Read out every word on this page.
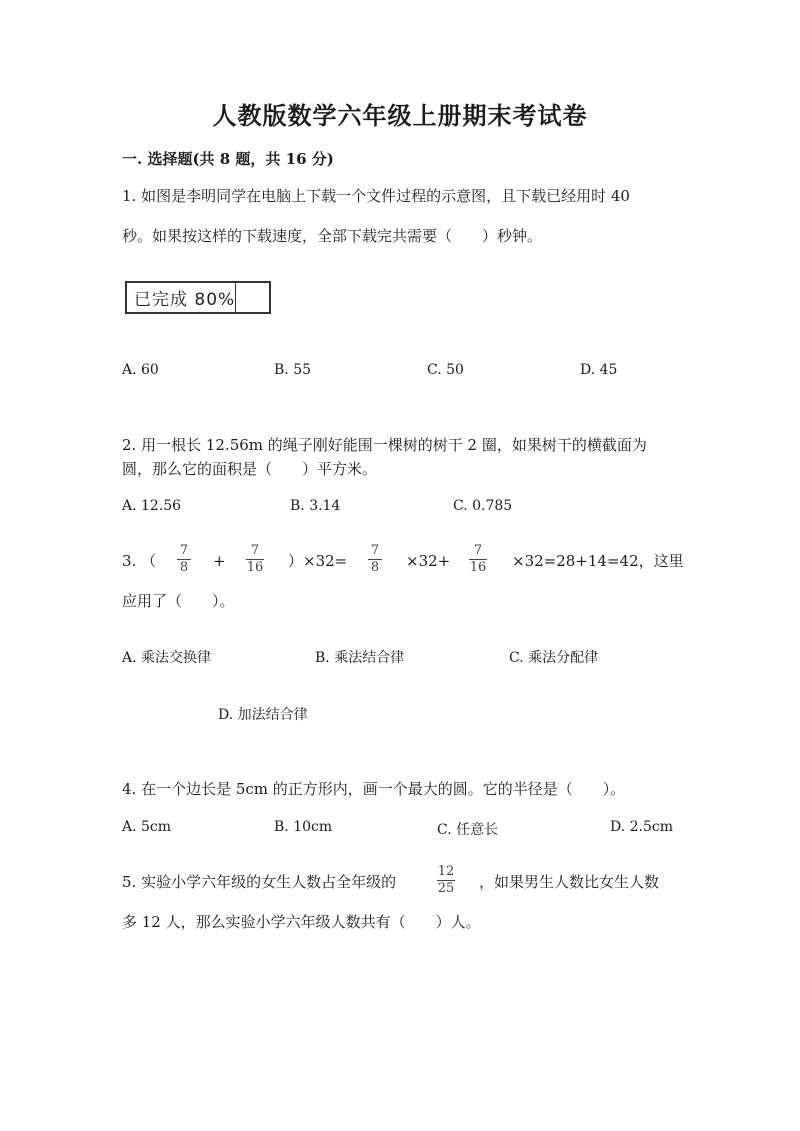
人教版数学六年级上册期末考试卷
一. 选择题(共 8 题，共 16 分)
1. 如图是李明同学在电脑上下载一个文件过程的示意图，且下载已经用时 40
秒。如果按这样的下载速度，全部下载完共需要（　　）秒钟。
已完成 80%
A. 60	B. 55	C. 50	D. 45
2. 用一根长 12.56m 的绳子刚好能围一棵树的树干 2 圈，如果树干的横截面为
圆，那么它的面积是（　　）平方米。
A. 12.56	B. 3.14	C. 0.785
3. （
7
8 +
7
16 ）×32=
7
8 ×32+
7
16 ×32=28+14=42，这里
应用了（　　）。
A. 乘法交换律	B. 乘法结合律	C. 乘法分配律
D. 加法结合律
4. 在一个边长是 5cm 的正方形内，画一个最大的圆。它的半径是（　　）。
A. 5cm	B. 10cm	C. 任意长	D. 2.5cm
5. 实验小学六年级的女生人数占全年级的
12
25 ，如果男生人数比女生人数
多 12 人，那么实验小学六年级人数共有（　　）人。
